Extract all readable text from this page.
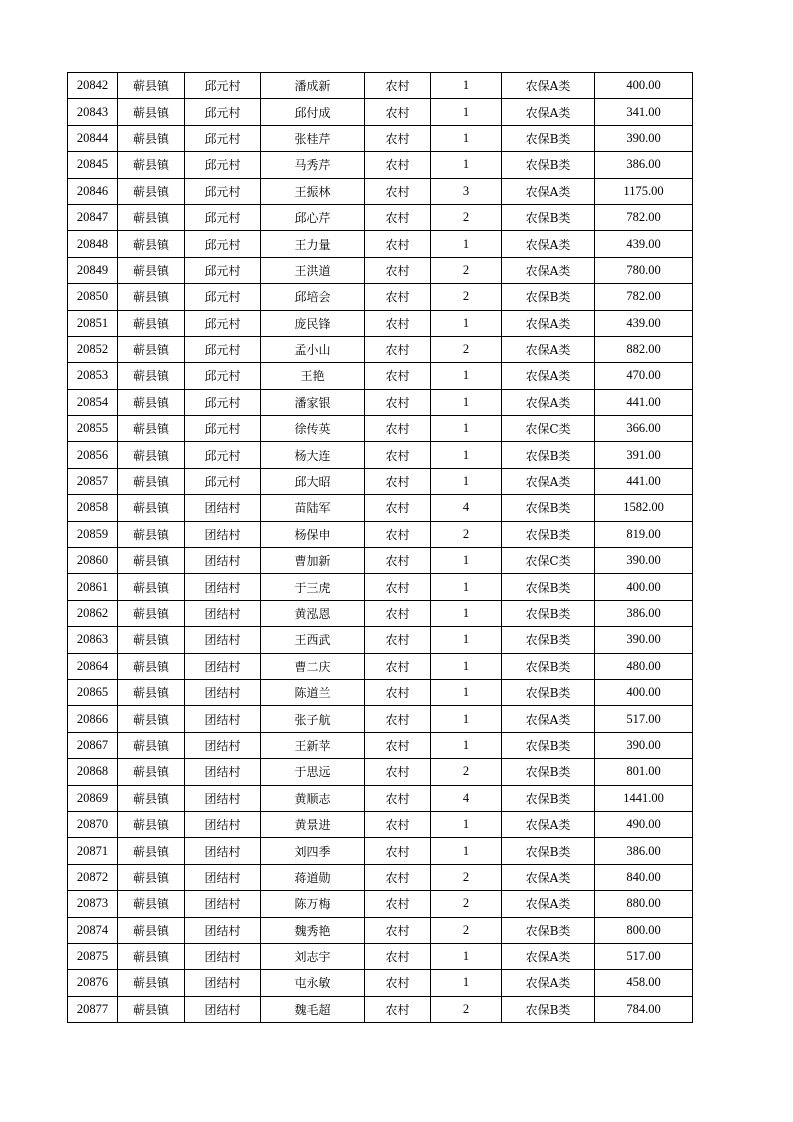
20842	蕲县镇	邱元村	潘成新	农村	1	农保A类	400.00
20843	蕲县镇	邱元村	邱付成	农村	1	农保A类	341.00
20844	蕲县镇	邱元村	张桂芹	农村	1	农保B类	390.00
20845	蕲县镇	邱元村	马秀芹	农村	1	农保B类	386.00
20846	蕲县镇	邱元村	王振林	农村	3	农保A类	1175.00
20847	蕲县镇	邱元村	邱心芹	农村	2	农保B类	782.00
20848	蕲县镇	邱元村	王力量	农村	1	农保A类	439.00
20849	蕲县镇	邱元村	王洪道	农村	2	农保A类	780.00
20850	蕲县镇	邱元村	邱培会	农村	2	农保B类	782.00
20851	蕲县镇	邱元村	庞民锋	农村	1	农保A类	439.00
20852	蕲县镇	邱元村	孟小山	农村	2	农保A类	882.00
20853	蕲县镇	邱元村	王艳	农村	1	农保A类	470.00
20854	蕲县镇	邱元村	潘家银	农村	1	农保A类	441.00
20855	蕲县镇	邱元村	徐传英	农村	1	农保C类	366.00
20856	蕲县镇	邱元村	杨大连	农村	1	农保B类	391.00
20857	蕲县镇	邱元村	邱大昭	农村	1	农保A类	441.00
20858	蕲县镇	团结村	苗陆军	农村	4	农保B类	1582.00
20859	蕲县镇	团结村	杨保申	农村	2	农保B类	819.00
20860	蕲县镇	团结村	曹加新	农村	1	农保C类	390.00
20861	蕲县镇	团结村	于三虎	农村	1	农保B类	400.00
20862	蕲县镇	团结村	黄泓恩	农村	1	农保B类	386.00
20863	蕲县镇	团结村	王西武	农村	1	农保B类	390.00
20864	蕲县镇	团结村	曹二庆	农村	1	农保B类	480.00
20865	蕲县镇	团结村	陈道兰	农村	1	农保B类	400.00
20866	蕲县镇	团结村	张子航	农村	1	农保A类	517.00
20867	蕲县镇	团结村	王新苹	农村	1	农保B类	390.00
20868	蕲县镇	团结村	于思远	农村	2	农保B类	801.00
20869	蕲县镇	团结村	黄顺志	农村	4	农保B类	1441.00
20870	蕲县镇	团结村	黄景进	农村	1	农保A类	490.00
20871	蕲县镇	团结村	刘四季	农村	1	农保B类	386.00
20872	蕲县镇	团结村	蒋道勋	农村	2	农保A类	840.00
20873	蕲县镇	团结村	陈万梅	农村	2	农保A类	880.00
20874	蕲县镇	团结村	魏秀艳	农村	2	农保B类	800.00
20875	蕲县镇	团结村	刘志宇	农村	1	农保A类	517.00
20876	蕲县镇	团结村	屯永敏	农村	1	农保A类	458.00
20877	蕲县镇	团结村	魏毛超	农村	2	农保B类	784.00
